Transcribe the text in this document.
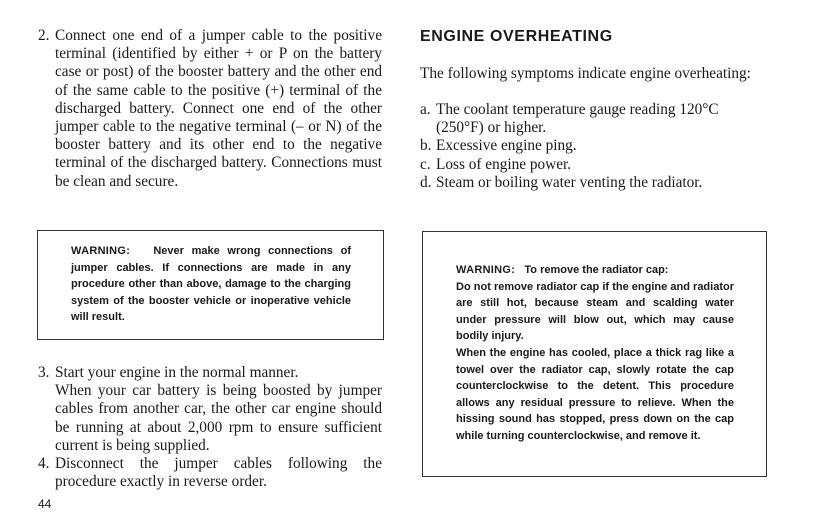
2. Connect one end of a jumper cable to the positive terminal (identified by either + or P on the battery case or post) of the booster battery and the other end of the same cable to the positive (+) terminal of the discharged battery. Connect one end of the other jumper cable to the negative terminal (– or N) of the booster battery and its other end to the negative terminal of the discharged battery. Connections must be clean and secure.
WARNING: Never make wrong connections of jumper cables. If connections are made in any procedure other than above, damage to the charging system of the booster vehicle or inoperative vehicle will result.
3. Start your engine in the normal manner.
When your car battery is being boosted by jumper cables from another car, the other car engine should be running at about 2,000 rpm to ensure sufficient current is being supplied.
4. Disconnect the jumper cables following the procedure exactly in reverse order.
44
ENGINE OVERHEATING
The following symptoms indicate engine overheating:
a. The coolant temperature gauge reading 120°C (250°F) or higher.
b. Excessive engine ping.
c. Loss of engine power.
d. Steam or boiling water venting the radiator.
WARNING: To remove the radiator cap:
Do not remove radiator cap if the engine and radiator are still hot, because steam and scalding water under pressure will blow out, which may cause bodily injury.
When the engine has cooled, place a thick rag like a towel over the radiator cap, slowly rotate the cap counterclockwise to the detent. This procedure allows any residual pressure to relieve. When the hissing sound has stopped, press down on the cap while turning counterclockwise, and remove it.
